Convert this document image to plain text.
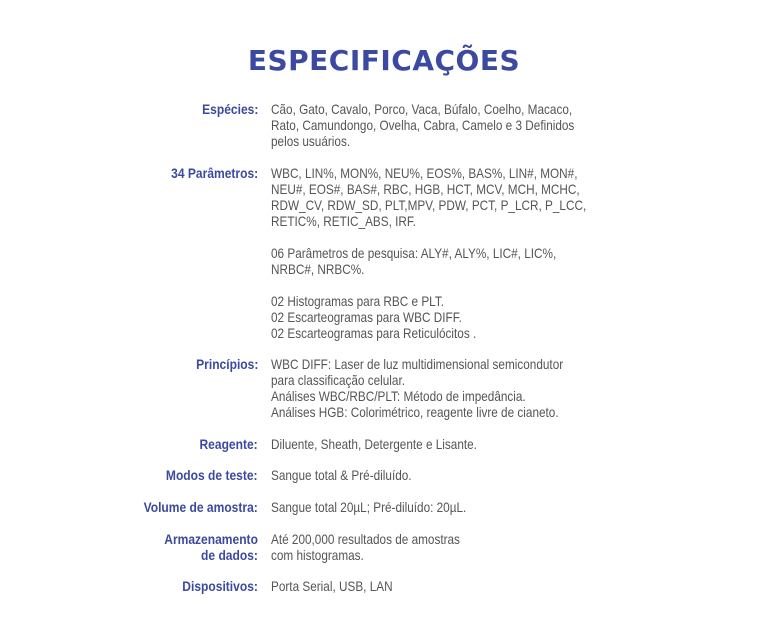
ESPECIFICAÇÕES
Espécies: Cão, Gato, Cavalo, Porco, Vaca, Búfalo, Coelho, Macaco,
Rato, Camundongo, Ovelha, Cabra, Camelo e 3 Definidos
pelos usuários.
34 Parâmetros: WBC, LIN%, MON%, NEU%, EOS%, BAS%, LIN#, MON#,
NEU#, EOS#, BAS#, RBC, HGB, HCT, MCV, MCH, MCHC,
RDW_CV, RDW_SD, PLT,MPV, PDW, PCT, P_LCR, P_LCC,
RETIC%, RETIC_ABS, IRF.
06 Parâmetros de pesquisa: ALY#, ALY%, LIC#, LIC%,
NRBC#, NRBC%.
02 Histogramas para RBC e PLT.
02 Escarteogramas para WBC DIFF.
02 Escarteogramas para Reticulócitos .
Princípios: WBC DIFF: Laser de luz multidimensional semicondutor
para classificação celular.
Análises WBC/RBC/PLT: Método de impedância.
Análises HGB: Colorimétrico, reagente livre de cianeto.
Reagente: Diluente, Sheath, Detergente e Lisante.
Modos de teste: Sangue total & Pré-diluído.
Volume de amostra: Sangue total 20µL; Pré-diluído: 20µL.
Armazenamento
de dados:
Até 200,000 resultados de amostras
com histogramas.
Dispositivos: Porta Serial, USB, LAN
